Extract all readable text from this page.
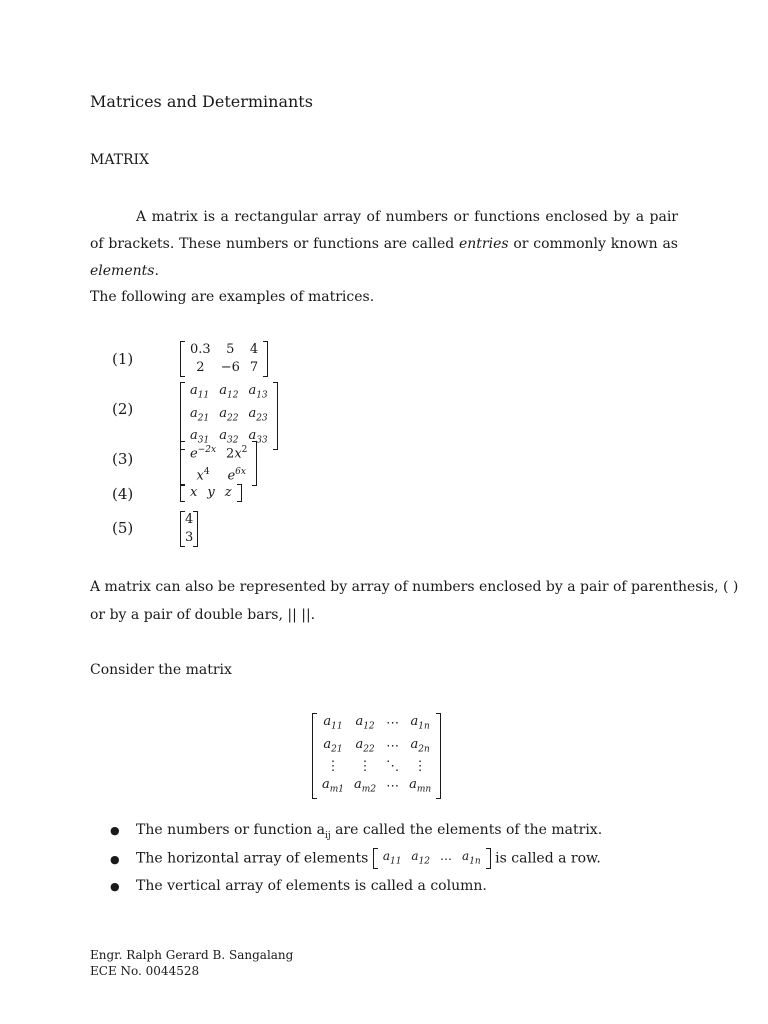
Matrices and Determinants
MATRIX
A matrix is a rectangular array of numbers or functions enclosed by a pair of brackets. These numbers or functions are called entries or commonly known as elements.
The following are examples of matrices.
(1)
(2)
(3)
(4)
(5)
0.3	5	4
2	−6	7
$a_{11}$	$a_{12}$	$a_{13}$
$a_{21}$	$a_{22}$	$a_{23}$
$a_{31}$	$a_{32}$	$a_{33}$
$e^{-2x}$	$2x^2$
$x^4$	$e^{6x}$
x	y	z
4
3
A matrix can also be represented by array of numbers enclosed by a pair of parenthesis, ( )
or by a pair of double bars, || ||.
Consider the matrix
$a_{11}$	$a_{12}$	⋯	$a_{1n}$
$a_{21}$	$a_{22}$	⋯	$a_{2n}$
⋮	⋮	⋱	⋮
$a_{m1}$	$a_{m2}$	⋯	$a_{mn}$
● The numbers or function $a_{ij}$ are called the elements of the matrix.
● The horizontal array of elements $a_{11}$	$a_{12}$	⋯	$a_{1n}$ is called a row.
● The vertical array of elements is called a column.
Engr. Ralph Gerard B. Sangalang
ECE No. 0044528
